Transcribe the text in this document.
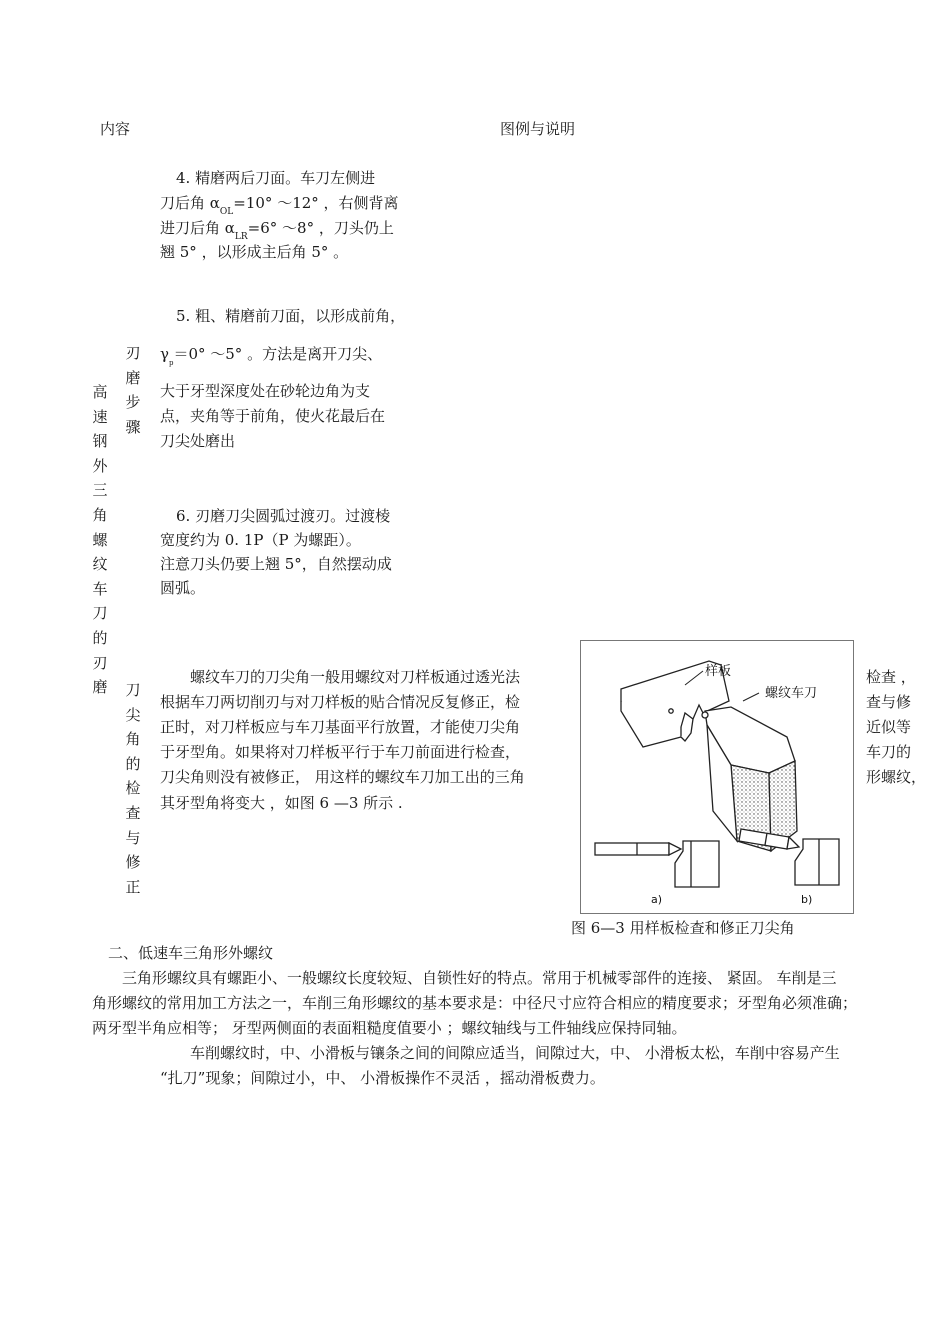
内容	图例与说明
高
速
钢
外
三
角
螺
纹
车
刀
的
刃
磨
刃
磨
步
骤
刀
尖
角
的
检
查
与
修
正
4. 精磨两后刀面。车刀左侧进
刀后角 $\alpha_{OL}=10^\circ$ ～12° ，右侧背离
进刀后角 $\alpha_{LR}=6^\circ$ ～8° ，刀头仍上
翘 5° ，以形成主后角 5° 。
5. 粗、精磨前刀面，以形成前角，
$\gamma_p=0^\circ$ ～5° 。方法是离开刀尖、
大于牙型深度处在砂轮边角为支
点，夹角等于前角，使火花最后在
刀尖处磨出
6. 刃磨刀尖圆弧过渡刃。过渡棱
宽度约为 0. 1P（P 为螺距）。
注意刀头仍要上翘 5°，自然摆动成
圆弧。
螺纹车刀的刀尖角一般用螺纹对刀样板通过透光法
根据车刀两切削刃与对刀样板的贴合情况反复修正，检
正时，对刀样板应与车刀基面平行放置，才能使刀尖角
于牙型角。如果将对刀样板平行于车刀前面进行检查，
刀尖角则没有被修正， 用这样的螺纹车刀加工出的三角
其牙型角将变大 ，如图 6 —3 所示 .
检查 ，
查与修
近似等
车刀的
形螺纹，
样板
螺纹车刀
a)	b)
图 6—3 用样板检查和修正刀尖角
二、低速车三角形外螺纹
三角形螺纹具有螺距小、一般螺纹长度较短、自锁性好的特点。常用于机械零部件的连接、 紧固。 车削是三
角形螺纹的常用加工方法之一，车削三角形螺纹的基本要求是：中径尺寸应符合相应的精度要求；牙型角必须准确；
两牙型半角应相等； 牙型两侧面的表面粗糙度值要小 ；螺纹轴线与工件轴线应保持同轴。
车削螺纹时，中、小滑板与镶条之间的间隙应适当，间隙过大，中、 小滑板太松，车削中容易产生
“扎刀”现象；间隙过小，中、 小滑板操作不灵活 ，摇动滑板费力。
